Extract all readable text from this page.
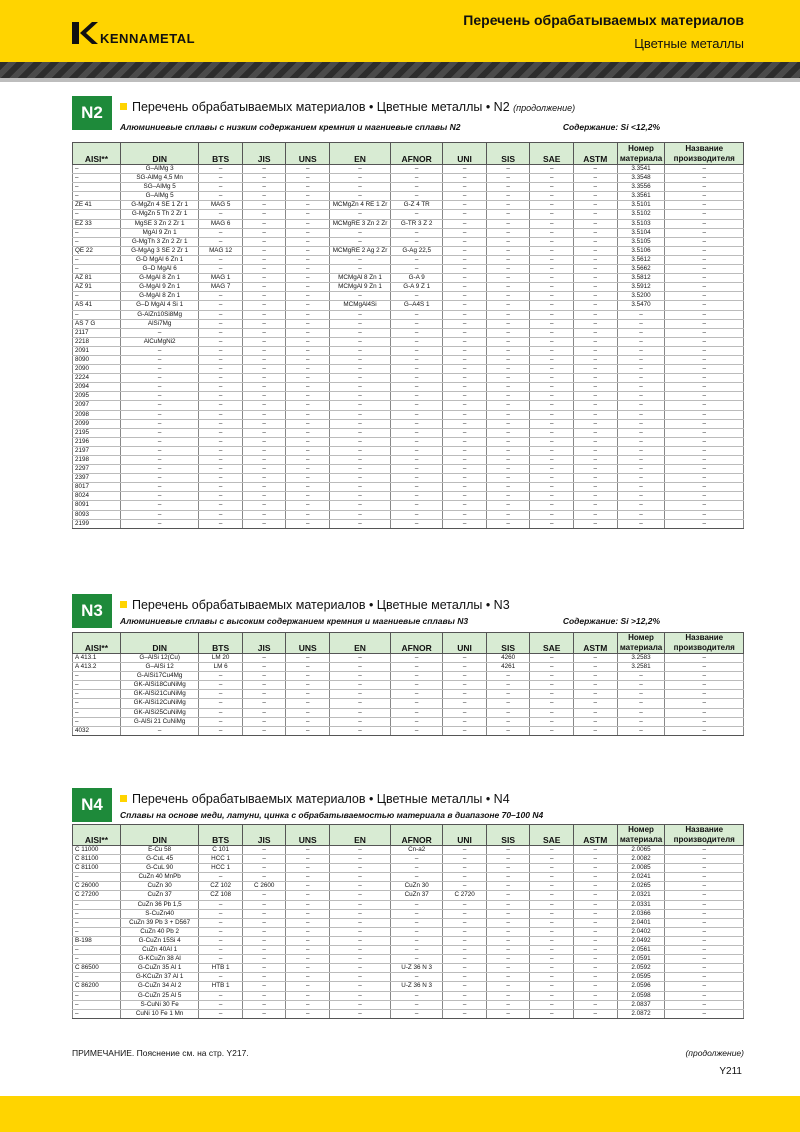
KENNAMETAL
Перечень обрабатываемых материалов
Цветные металлы
N2	Перечень обрабатываемых материалов • Цветные металлы • N2 (продолжение)
Алюминиевые сплавы с низким содержанием кремния и магниевые сплавы N2	Содержание: Si <12,2%
AISI**	DIN	BTS	JIS	UNS	EN	AFNOR	UNI	SIS	SAE	ASTM	Номер материала	Название производителя
–	G–AlMg 3	–	–	–	–	–	–	–	–	–	3.3541	–
–	SG-AlMg 4,5 Mn	–	–	–	–	–	–	–	–	–	3.3548	–
–	SG–AlMg 5	–	–	–	–	–	–	–	–	–	3.3556	–
–	G–AlMg 5	–	–	–	–	–	–	–	–	–	3.3561	–
ZE 41	G-MgZn 4 SE 1 Zr 1	MAG 5	–	–	MCMgZn 4 RE 1 Zr	G-Z 4 TR	–	–	–	–	3.5101	–
–	G-MgZn 5 Th 2 Zr 1	–	–	–	–	–	–	–	–	–	3.5102	–
EZ 33	MgSE 3 Zn 2 Zr 1	MAG 6	–	–	MCMgRE 3 Zn 2 Zr	G-TR 3 Z 2	–	–	–	–	3.5103	–
–	MgAl 9 Zn 1	–	–	–	–	–	–	–	–	–	3.5104	–
–	G-MgTh 3 Zn 2 Zr 1	–	–	–	–	–	–	–	–	–	3.5105	–
QE 22	G-MgAg 3 SE 2 Zr 1	MAG 12	–	–	MCMgRE 2 Ag 2 Zr	G-Ag 22,5	–	–	–	–	3.5106	–
–	G-D MgAl 6 Zn 1	–	–	–	–	–	–	–	–	–	3.5612	–
–	G–D MgAl 6	–	–	–	–	–	–	–	–	–	3.5662	–
AZ 81	G-MgAl 8 Zn 1	MAG 1	–	–	MCMgAl 8 Zn 1	G-A 9	–	–	–	–	3.5812	–
AZ 91	G-MgAl 9 Zn 1	MAG 7	–	–	MCMgAl 9 Zn 1	G-A 9 Z 1	–	–	–	–	3.5912	–
–	G-MgAl 8 Zn 1	–	–	–	–	–	–	–	–	–	3.5200	–
AS 41	G–D MgAl 4 Si 1	–	–	–	MCMgAl4Si	G–A4S 1	–	–	–	–	3.5470	–
–	G-AlZn10Si8Mg	–	–	–	–	–	–	–	–	–	–	–
AS 7 G	AlSi7Mg	–	–	–	–	–	–	–	–	–	–	–
2117	–	–	–	–	–	–	–	–	–	–	–	–
2218	AlCuMgNi2	–	–	–	–	–	–	–	–	–	–	–
2091	–	–	–	–	–	–	–	–	–	–	–	–
8090	–	–	–	–	–	–	–	–	–	–	–	–
2090	–	–	–	–	–	–	–	–	–	–	–	–
2224	–	–	–	–	–	–	–	–	–	–	–	–
2094	–	–	–	–	–	–	–	–	–	–	–	–
2095	–	–	–	–	–	–	–	–	–	–	–	–
2097	–	–	–	–	–	–	–	–	–	–	–	–
2098	–	–	–	–	–	–	–	–	–	–	–	–
2099	–	–	–	–	–	–	–	–	–	–	–	–
2195	–	–	–	–	–	–	–	–	–	–	–	–
2196	–	–	–	–	–	–	–	–	–	–	–	–
2197	–	–	–	–	–	–	–	–	–	–	–	–
2198	–	–	–	–	–	–	–	–	–	–	–	–
2297	–	–	–	–	–	–	–	–	–	–	–	–
2397	–	–	–	–	–	–	–	–	–	–	–	–
8017	–	–	–	–	–	–	–	–	–	–	–	–
8024	–	–	–	–	–	–	–	–	–	–	–	–
8091	–	–	–	–	–	–	–	–	–	–	–	–
8093	–	–	–	–	–	–	–	–	–	–	–	–
2199	–	–	–	–	–	–	–	–	–	–	–	–
N3	Перечень обрабатываемых материалов • Цветные металлы • N3
Алюминиевые сплавы с высоким содержанием кремния и магниевые сплавы N3	Содержание: Si >12,2%
AISI**	DIN	BTS	JIS	UNS	EN	AFNOR	UNI	SIS	SAE	ASTM	Номер материала	Название производителя
A 413.1	G–AlSi 12(Cu)	LM 20	–	–	–	–	–	4260	–	–	3.2583	–
A 413.2	G–AlSi 12	LM 6	–	–	–	–	–	4261	–	–	3.2581	–
–	G-AlSi17Cu4Mg	–	–	–	–	–	–	–	–	–	–	–
–	GK-AlSi18CuNiMg	–	–	–	–	–	–	–	–	–	–	–
–	GK-AlSi21CuNiMg	–	–	–	–	–	–	–	–	–	–	–
–	GK-AlSi12CuNiMg	–	–	–	–	–	–	–	–	–	–	–
–	GK-AlSi25CuNiMg	–	–	–	–	–	–	–	–	–	–	–
–	G-AlSi 21 CuNiMg	–	–	–	–	–	–	–	–	–	–	–
4032	–	–	–	–	–	–	–	–	–	–	–	–
N4	Перечень обрабатываемых материалов • Цветные металлы • N4
Сплавы на основе меди, латуни, цинка с обрабатываемостью материала в диапазоне 70–100 N4
AISI**	DIN	BTS	JIS	UNS	EN	AFNOR	UNI	SIS	SAE	ASTM	Номер материала	Название производителя
C 11000	E-Cu 58	C 101	–	–	–	Cn-a2	–	–	–	–	2.0065	–
C 81100	G-CuL 45	HCC 1	–	–	–	–	–	–	–	–	2.0082	–
C 81100	G-CuL 90	HCC 1	–	–	–	–	–	–	–	–	2.0085	–
–	CuZn 40 MnPb	–	–	–	–	–	–	–	–	–	2.0241	–
C 26000	CuZn 30	CZ 102	C 2600	–	–	CuZn 30	–	–	–	–	2.0265	–
C 27200	CuZn 37	CZ 108	–	–	–	CuZn 37	C 2720	–	–	–	2.0321	–
–	CuZn 36 Pb 1,5	–	–	–	–	–	–	–	–	–	2.0331	–
–	S-CuZn40	–	–	–	–	–	–	–	–	–	2.0366	–
–	CuZn 39 Pb 3 + D567	–	–	–	–	–	–	–	–	–	2.0401	–
–	CuZn 40 Pb 2	–	–	–	–	–	–	–	–	–	2.0402	–
B-198	G-CuZn 15Si 4	–	–	–	–	–	–	–	–	–	2.0492	–
–	CuZn 40Al 1	–	–	–	–	–	–	–	–	–	2.0561	–
–	G-KCuZn 38 Al	–	–	–	–	–	–	–	–	–	2.0591	–
C 86500	G-CuZn 35 Al 1	HTB 1	–	–	–	U-Z 36 N 3	–	–	–	–	2.0592	–
–	G-KCuZn 37 Al 1	–	–	–	–	–	–	–	–	–	2.0595	–
C 86200	G-CuZn 34 Al 2	HTB 1	–	–	–	U-Z 36 N 3	–	–	–	–	2.0596	–
–	G-CuZn 25 Al 5	–	–	–	–	–	–	–	–	–	2.0598	–
–	S-CuNi 30 Fe	–	–	–	–	–	–	–	–	–	2.0837	–
–	CuNi 10 Fe 1 Mn	–	–	–	–	–	–	–	–	–	2.0872	–
ПРИМЕЧАНИЕ. Пояснение см. на стр. Y217.	(продолжение)
Y211
